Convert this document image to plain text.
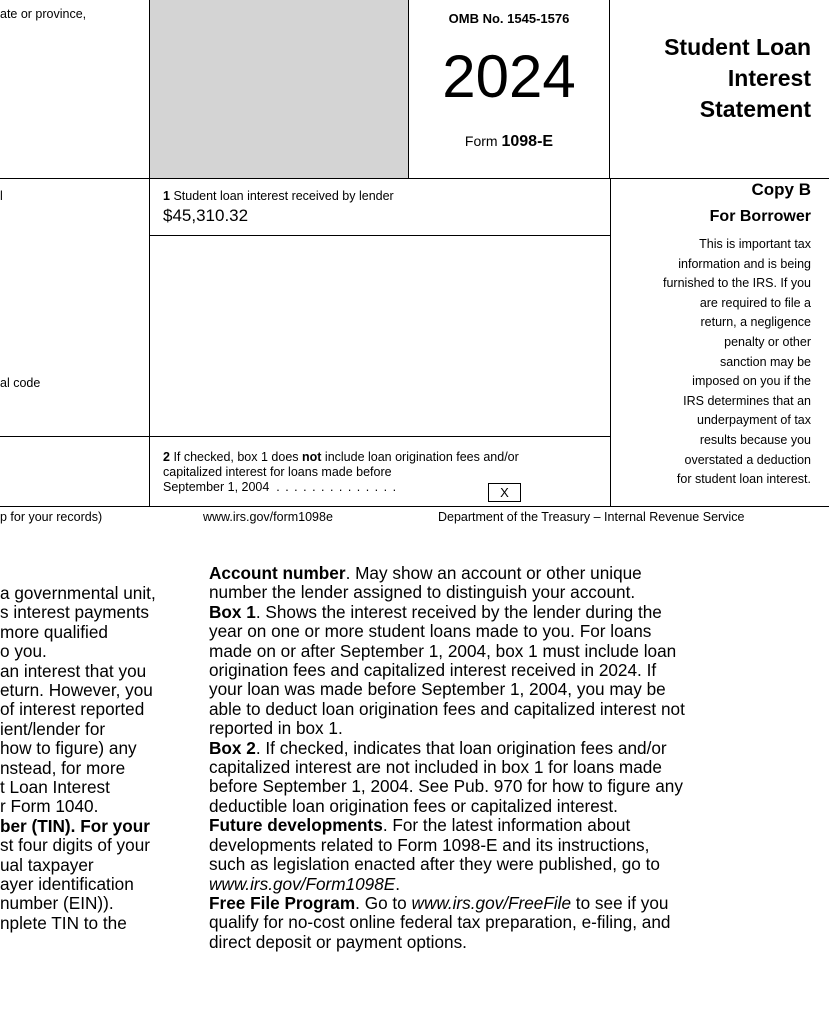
ate or province,
l
al code
OMB No. 1545-1576
2024
Form 1098-E
Student Loan
Interest
Statement
1 Student loan interest received by lender
$45,310.32
2 If checked, box 1 does not include loan origination fees and/or
capitalized interest for loans made before
September 1, 2004 . . . . . . . . . . . . . .	X
Copy B
For Borrower
This is important tax
information and is being
furnished to the IRS. If you
are required to file a
return, a negligence
penalty or other
sanction may be
imposed on you if the
IRS determines that an
underpayment of tax
results because you
overstated a deduction
for student loan interest.
p for your records)	www.irs.gov/form1098e	Department of the Treasury – Internal Revenue Service
a governmental unit,
s interest payments
more qualified
o you.
an interest that you
eturn. However, you
of interest reported
ient/lender for
how to figure) any
nstead, for more
t Loan Interest
r Form 1040.
ber (TIN). For your
st four digits of your
ual taxpayer
ayer identification
number (EIN)).
nplete TIN to the
Account number. May show an account or other unique
number the lender assigned to distinguish your account.
Box 1. Shows the interest received by the lender during the
year on one or more student loans made to you. For loans
made on or after September 1, 2004, box 1 must include loan
origination fees and capitalized interest received in 2024. If
your loan was made before September 1, 2004, you may be
able to deduct loan origination fees and capitalized interest not
reported in box 1.
Box 2. If checked, indicates that loan origination fees and/or
capitalized interest are not included in box 1 for loans made
before September 1, 2004. See Pub. 970 for how to figure any
deductible loan origination fees or capitalized interest.
Future developments. For the latest information about
developments related to Form 1098-E and its instructions,
such as legislation enacted after they were published, go to
www.irs.gov/Form1098E.
Free File Program. Go to www.irs.gov/FreeFile to see if you
qualify for no-cost online federal tax preparation, e-filing, and
direct deposit or payment options.
